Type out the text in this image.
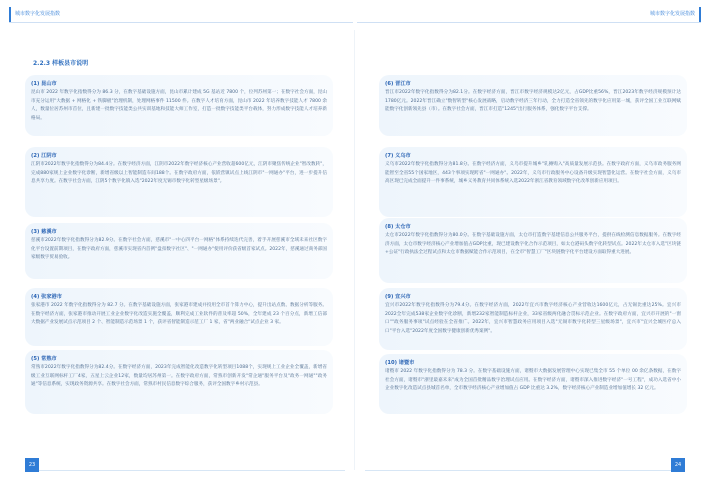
城市数字化发展指数	城市数字化发展指数
2.2.3 样板县市说明
(1) 昆山市
昆山市 2022 年数字化指数得分为 86.3 分，在数字基础设施方面，昆山市累计建成 5G 基站近 7800 个，位列苏州第一；在数字社会方面，昆山市充分运用"大数据 + 网格化 + 铁脚板"治理机制，处理网格事件 11500 件。在数字人才培育方面，昆山市 2022 年培养数字技能人才 7800 余人，数量位居苏州市首位，且新建一批数字技能类公共实训基地和技能大师工作室，打造一批数字技能类平台载体，努力形成数字技能人才培养新格局。
(2) 江阴市
江阴市2022年数字化指数得分为84.4分。在数字经济方面，江阴市2022年数字经济核心产业营收超600亿元，江阴市聚焦传统企业"智改数转"，完成880家规上企业数字化诊断，新增省级以上智能制造车间188个。在数字政府方面，依嵌营镇试点上线江阴市"一网通办"平台，进一步提升信息共享力度。在数字社会方面，江阴5个数字化镇入选"2022年度无锡市数字化转型星级场景"。
(3) 慈溪市
慈溪市2022年数字化指数得分为82.9分。在数字社会方面，慈溪市"一中心四平台一网格"体系持续迭代完善，着手开展慈溪市全域未来社区数字化平台设置前期项目，在数字政府方面，慈溪市实现省内首例"盘扣数字社区"、"一网通办"使用评价获省级首家试点。2022年，慈溪通过商务部国家级数字贸易验收。
(4) 张家港市
张家港市 2022 年数字化指数得分为 82.7 分。在数字基础设施方面，张家港市建成并投用全市首个算力中心，提升出站点数、数据分析等服务。在数字经济方面，张家港市推动开展工业企业数字化改造实施全覆盖，顺利完成工业软件的普及率超 50%，全年建成 23 个百分点，新增工信部大数据产业发展试点示范项目 2 个、智能制造示范场景 1 个，获评省智能制造示范工厂 1 家，省"两业融合"试点企业 3 家。
(5) 常熟市
常熟市2022年数字化指数得分为82.4分。在数字经济方面，2023年完成智能化改造数字化转型项目1088个，实现规上工业企业全覆盖，新增省级工业互联网标杆工厂4家，五星上云企业12家，数量均居苏州第一。在数字政府方面，常熟市创新开发"常企通"服务平台及"政务一网通""政务通"等信息系统，实现政务资源共享。在数字社会方面，常熟市村民信息数字综合服务，获评全国数字乡村示范县。
(6) 晋江市
晋江市2022年数字化指数得分为82.1分。在数字经济方面，晋江市数字经济规模达2亿元，占GDP比重56%，晋江2023年数字经济规模预计达1780亿元。2022年晋江确立"数智转型"核心发展战略，启动数字经济三年行动，全力打造全省领先的数字化应用第一城，获评全国工业互联网赋能数字化创新领先县（市）。在数字社会方面，晋江市打造"1245"出行服务体系，强化数字平台支撑。
(7) 义乌市
义乌市2022年数字化指数得分为81.8分。在数字经济方面，义乌市提升城乡"轧摊购入"高质量发展示范县。在数字政府方面，义乌市政务服务网能智至全省55个国家地区，443个事项实现跨省"一网通办"。2022年，义乌市行政服务中心设备升级实现智慧化运营。在数字社会方面，义乌市高区现已完成全面提升一件事系统，城乡义务教育共同体系统入选2022年浙江省教育领域数字化改革创新应用项目。
(8) 太仓市
太仓市2022年数字化指数得分为80.0分。在数字基础设施方面，太仓市打造数字基建信息公共服务平台，提供在线检测信息数据服务。在数字经济方面，太仓市数字经济核心产业增加值占GDP比重，现已建设数字化合作示范项目，如太仓港码头数字化转型试点。2022年太仓市入选"区块链+公证"行政执法全过程试点和太仓市数据赋能合作示范项目，在全市"智慧工厂"区块链数字化平台建设方面取得重大进展。
(9) 宜兴市
宜兴市2022年数字化指数得分为79.4分。在数字经济方面，2022年宜兴市数字经济核心产业营收达1600亿元，占无锡比重达25%。宜兴市2022全年完成538家企业数字化诊断，新增232家智能制造标杆企业，33家省级两化融合贯标示范企业。在数字政府方面，宜兴市开展的"一窗口""政务服务事项"试点经验在全省推广。2022年，宜兴市智慧政务应用项目入选"无锡市数字化转型三星级场景"，宜兴市"宜兴全城医疗总入口"平台入选"2022年度全国数字健康创新优秀案例"。
(10) 诸暨市
诸暨市 2022 年数字化指数得分为 78.3 分。在数字基础设施方面，诸暨市大数据发展管理中心实现已集全市 55 个单位 00 余亿条数据，在数字社会方面，诸暨市"浙里最嘉未来"成为全国首批精品数字治理试点应用。在数字经济方面，诸暨市深入推进数字经济"一号工程"，成功入选省中小企业数字化改造试点县城首名单，全市数字经济核心产业增加值占 GDP 比重达 3.2%，数字经济核心产业制造业增加值增长 32 亿元。
23	24
